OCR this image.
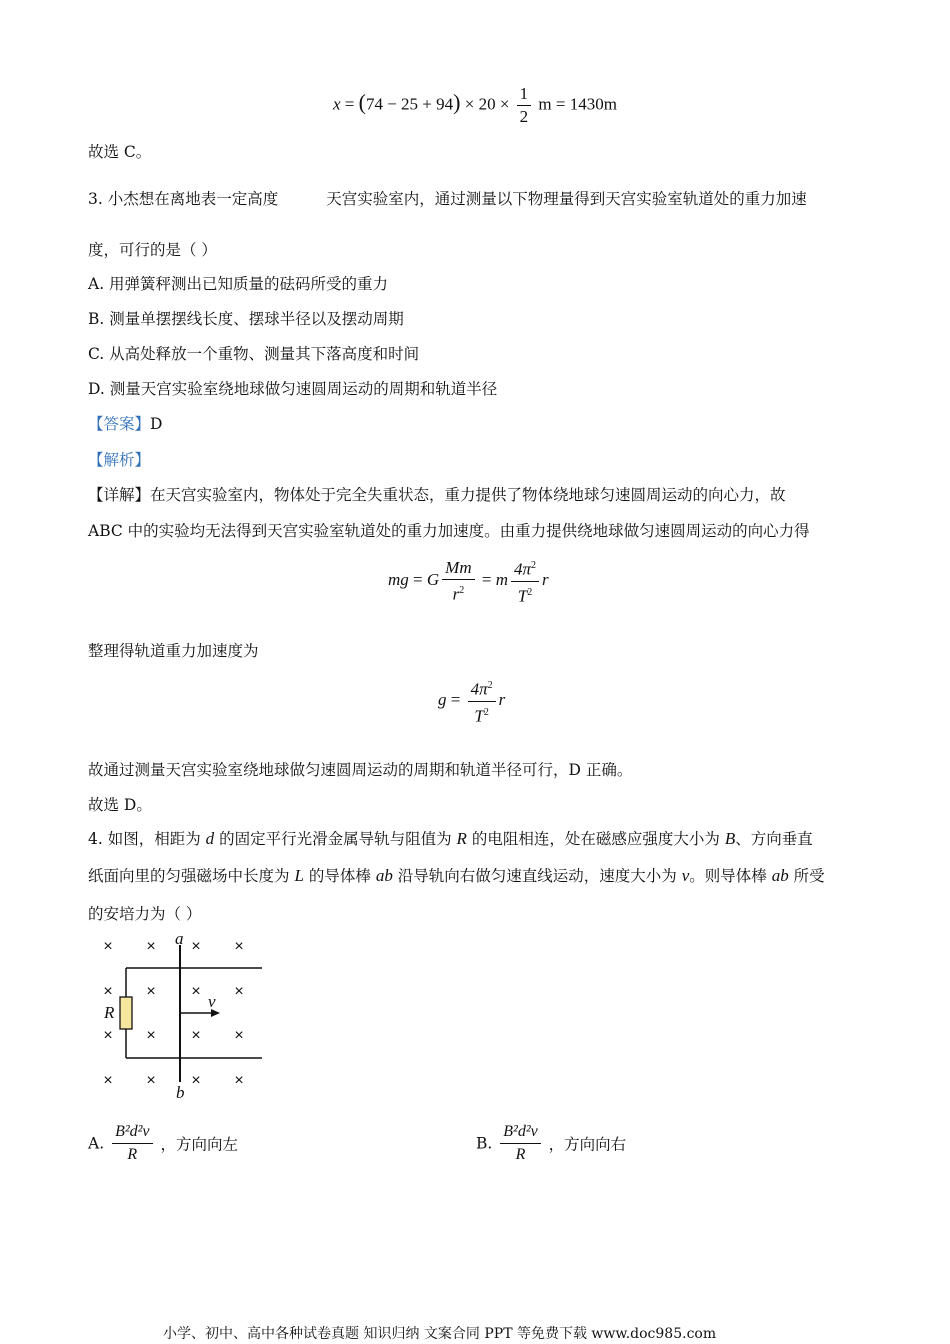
$x = (74 - 25 + 94) \times 20 \times \frac{1}{2}$ m = 1430m
故选 C。
3. 小杰想在离地表一定高度	天宫实验室内，通过测量以下物理量得到天宫实验室轨道处的重力加速
度，可行的是（ ）
A. 用弹簧秤测出已知质量的砝码所受的重力
B. 测量单摆摆线长度、摆球半径以及摆动周期
C. 从高处释放一个重物、测量其下落高度和时间
D. 测量天宫实验室绕地球做匀速圆周运动的周期和轨道半径
【答案】D
【解析】
【详解】在天宫实验室内，物体处于完全失重状态，重力提供了物体绕地球匀速圆周运动的向心力，故
ABC 中的实验均无法得到天宫实验室轨道处的重力加速度。由重力提供绕地球做匀速圆周运动的向心力得
mg = G $\frac{Mm}{r^2} = m \frac{4\pi^2}{T^2}$ r
整理得轨道重力加速度为
$g = \frac{4\pi^2}{T^2}$ r
故通过测量天宫实验室绕地球做匀速圆周运动的周期和轨道半径可行，D 正确。
故选 D。
4. 如图，相距为 d 的固定平行光滑金属导轨与阻值为 R 的电阻相连，处在磁感应强度大小为 B、方向垂直
纸面向里的匀强磁场中长度为 L 的导体棒 ab 沿导轨向右做匀速直线运动，速度大小为 v。则导体棒 ab 所受
的安培力为（ ）
× × × ×
× × × ×
× × × ×
× × × ×
a
b
R
v
A. $\frac{\text{B²d²v}}{R}$ ，方向向左	B. $\frac{\text{B²d²v}}{R}$ ，方向向右
小学、初中、高中各种试卷真题 知识归纳 文案合同 PPT 等免费下载 www.doc985.com
